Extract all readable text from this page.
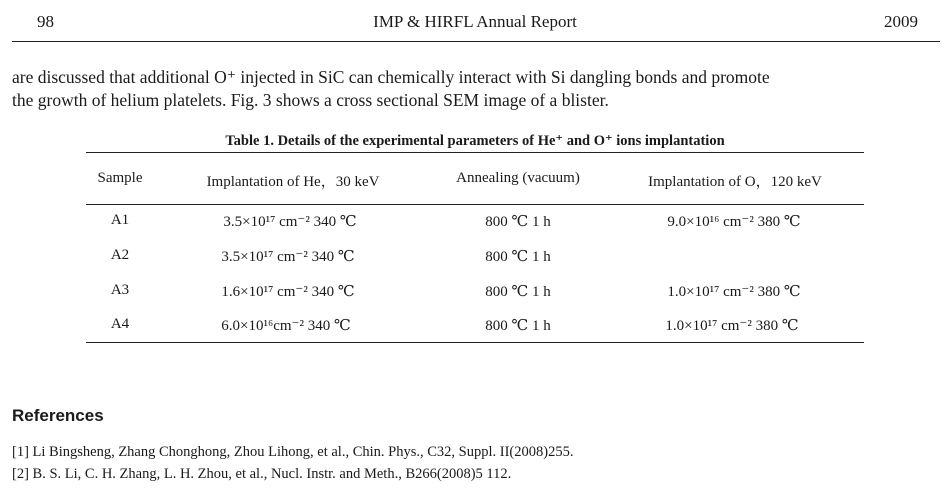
98	IMP & HIRFL Annual Report	2009
are discussed that additional O⁺ injected in SiC can chemically interact with Si dangling bonds and promote
the growth of helium platelets. Fig. 3 shows a cross sectional SEM image of a blister.
Table 1. Details of the experimental parameters of He⁺ and O⁺ ions implantation
Sample	Implantation of He，30 keV	Annealing (vacuum)	Implantation of O，120 keV
A1	3.5×10¹⁷ cm⁻² 340 ℃	800 ℃ 1 h	9.0×10¹⁶ cm⁻² 380 ℃
A2	3.5×10¹⁷ cm⁻² 340 ℃	800 ℃ 1 h
A3	1.6×10¹⁷ cm⁻² 340 ℃	800 ℃ 1 h	1.0×10¹⁷ cm⁻² 380 ℃
A4	6.0×10¹⁶cm⁻² 340 ℃	800 ℃ 1 h	1.0×10¹⁷ cm⁻² 380 ℃
References
[1] Li Bingsheng, Zhang Chonghong, Zhou Lihong, et al., Chin. Phys., C32, Suppl. II(2008)255.
[2] B. S. Li, C. H. Zhang, L. H. Zhou, et al., Nucl. Instr. and Meth., B266(2008)5 112.
